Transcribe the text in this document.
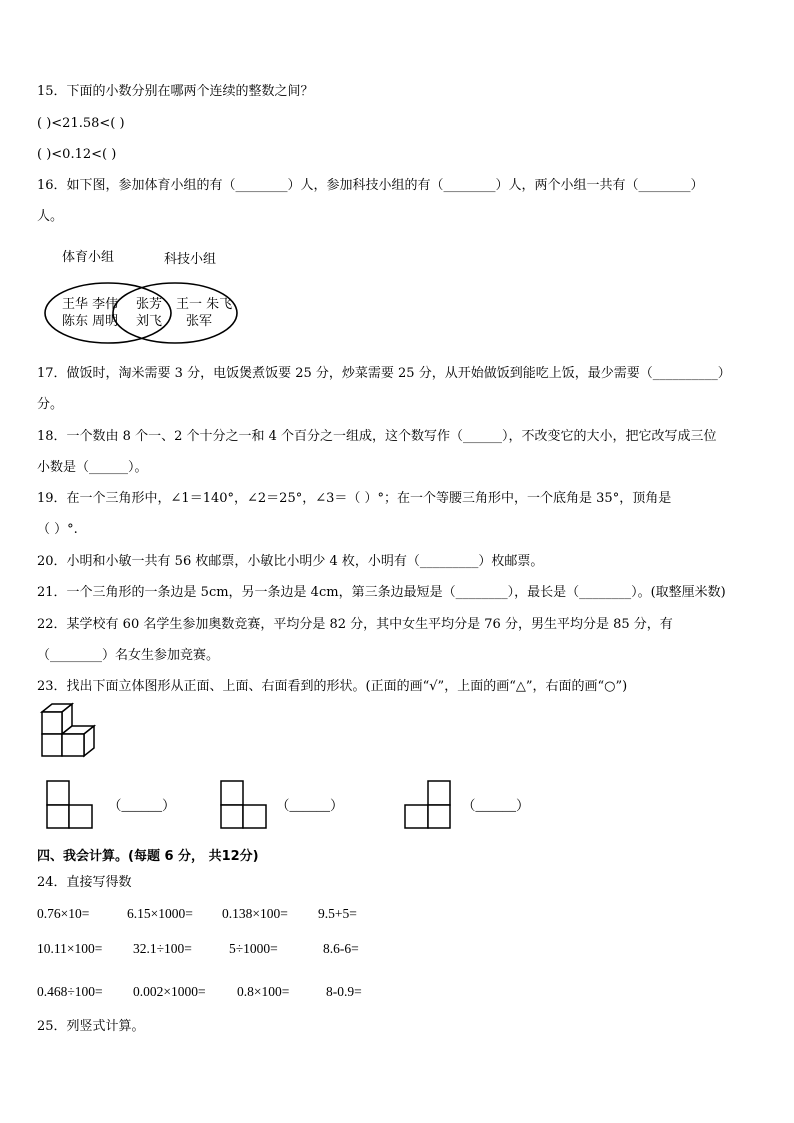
15．下面的小数分别在哪两个连续的整数之间？
( )<21.58<( )
( )<0.12<( )
16．如下图，参加体育小组的有（________）人，参加科技小组的有（________）人，两个小组一共有（________）
人。
体育小组	科技小组
王华 李伟
陈东 周明
张芳
刘飞
王一 朱飞
张军
17．做饭时，淘米需要 3 分，电饭煲煮饭要 25 分，炒菜需要 25 分，从开始做饭到能吃上饭，最少需要（__________）
分。
18．一个数由 8 个一、2 个十分之一和 4 个百分之一组成，这个数写作（______），不改变它的大小，把它改写成三位
小数是（______）。
19．在一个三角形中，∠1＝140°，∠2＝25°，∠3＝（ ）°；在一个等腰三角形中，一个底角是 35°，顶角是
（ ）°.
20．小明和小敏一共有 56 枚邮票，小敏比小明少 4 枚，小明有（_________）枚邮票。
21．一个三角形的一条边是 5cm，另一条边是 4cm，第三条边最短是（________），最长是（________）。(取整厘米数)
22．某学校有 60 名学生参加奥数竞赛，平均分是 82 分，其中女生平均分是 76 分，男生平均分是 85 分，有
（________）名女生参加竞赛。
23．找出下面立体图形从正面、上面、右面看到的形状。(正面的画“√”，上面的画“△”，右面的画“○”)
（______）	（______）	（______）
四、我会计算。(每题 6 分， 共12分)
24．直接写得数
0.76×10=	6.15×1000= 0.138×100= 9.5+5=
10.11×100= 32.1÷100=	5÷1000=	8.6-6=
0.468÷100= 0.002×1000= 0.8×100=	8-0.9=
25．列竖式计算。
